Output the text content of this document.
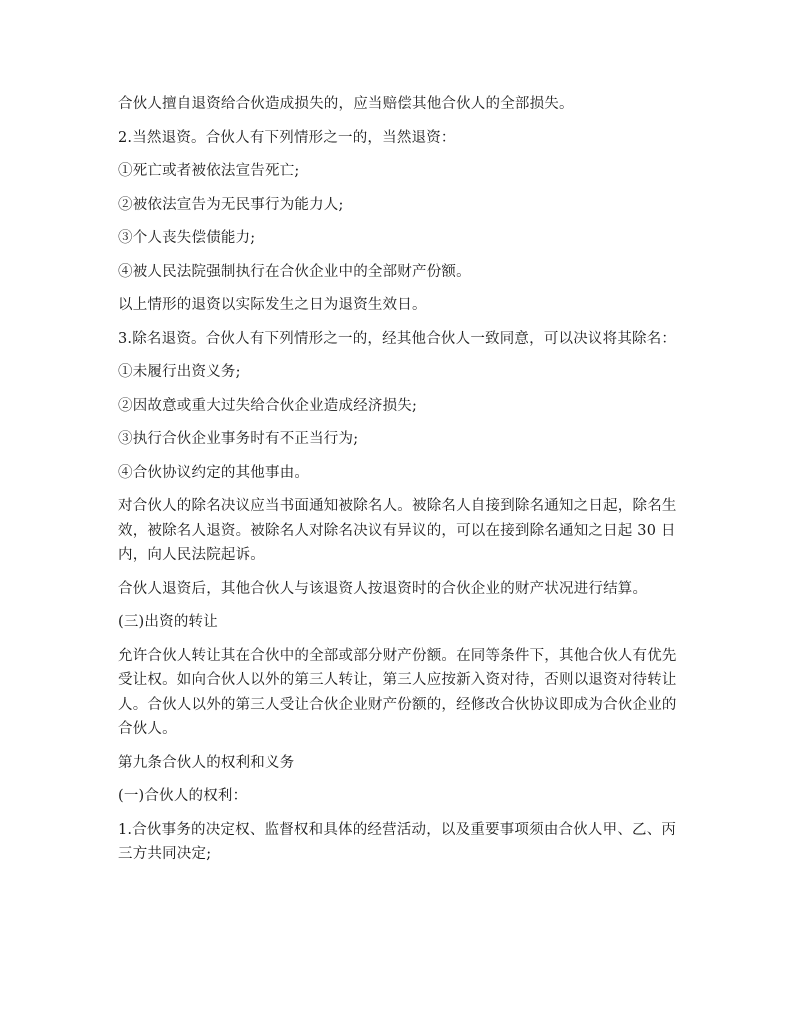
合伙人擅自退资给合伙造成损失的，应当赔偿其他合伙人的全部损失。

2.当然退资。合伙人有下列情形之一的，当然退资：

①死亡或者被依法宣告死亡;

②被依法宣告为无民事行为能力人;

③个人丧失偿债能力;

④被人民法院强制执行在合伙企业中的全部财产份额。

以上情形的退资以实际发生之日为退资生效日。

3.除名退资。合伙人有下列情形之一的，经其他合伙人一致同意，可以决议将其除名：

①未履行出资义务;

②因故意或重大过失给合伙企业造成经济损失;

③执行合伙企业事务时有不正当行为;

④合伙协议约定的其他事由。

对合伙人的除名决议应当书面通知被除名人。被除名人自接到除名通知之日起，除名生效，被除名人退资。被除名人对除名决议有异议的，可以在接到除名通知之日起 30 日内，向人民法院起诉。

合伙人退资后，其他合伙人与该退资人按退资时的合伙企业的财产状况进行结算。

(三)出资的转让

允许合伙人转让其在合伙中的全部或部分财产份额。在同等条件下，其他合伙人有优先受让权。如向合伙人以外的第三人转让，第三人应按新入资对待，否则以退资对待转让人。合伙人以外的第三人受让合伙企业财产份额的，经修改合伙协议即成为合伙企业的合伙人。

第九条合伙人的权利和义务

(一)合伙人的权利：

1.合伙事务的决定权、监督权和具体的经营活动，以及重要事项须由合伙人甲、乙、丙三方共同决定;
